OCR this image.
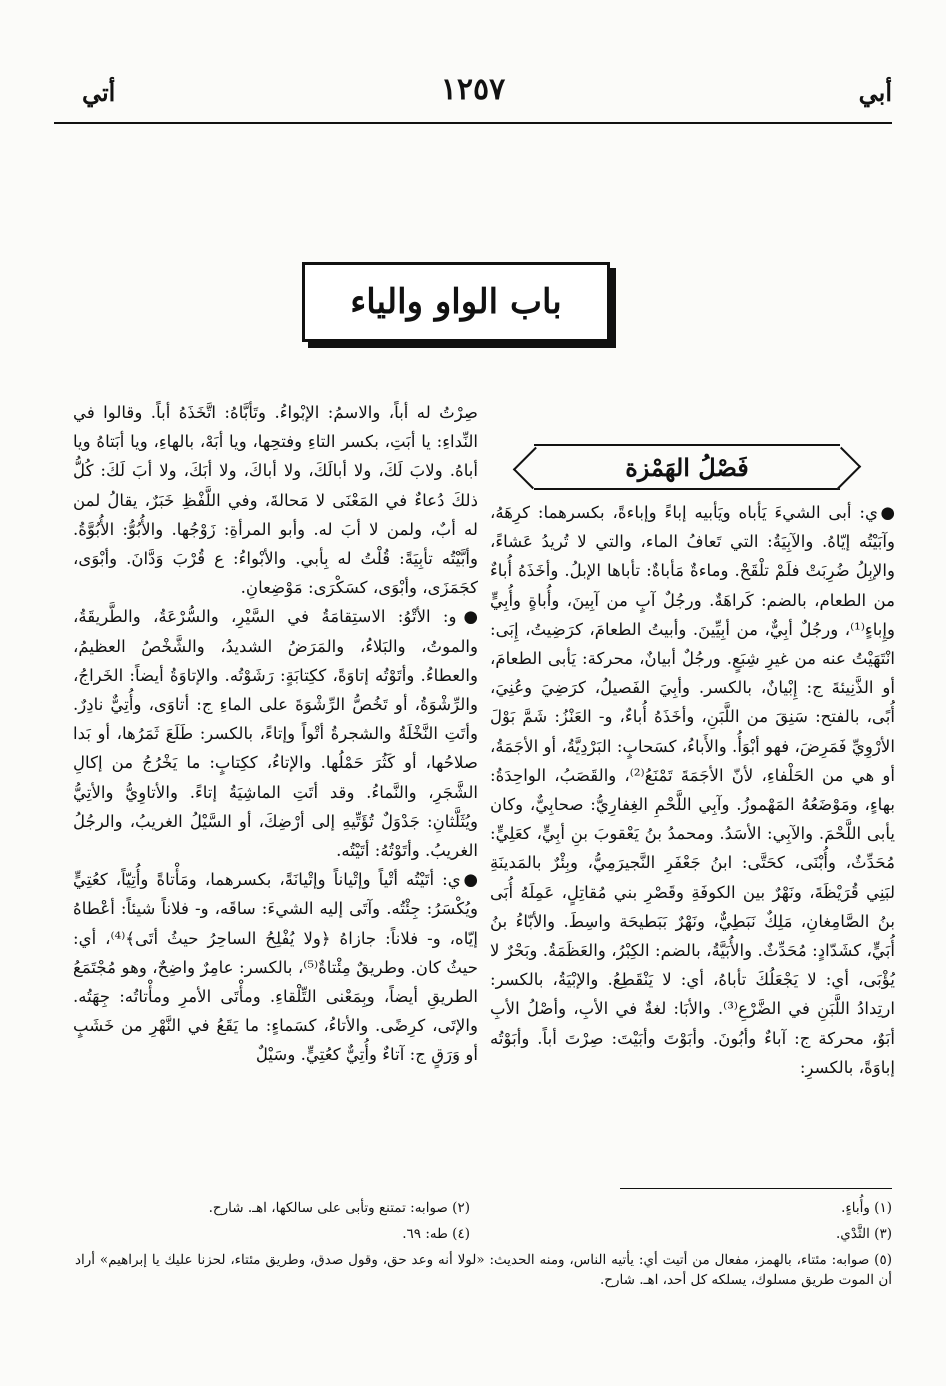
أتي	١٢٥٧	أبي
باب الواو والياء
فَصْلُ الهَمْزة

●ي: أبى الشيءَ يَأباه ويَأبيه إباءً وإباءةً، بكسرهما: كرِهَهُ، وآبَيْتُه إيّاهُ. والآبِيَةُ: التي تَعافُ الماء، والتي لا تُريدُ عَشاءً، والإبِلُ ضُرِبَتْ فلَمْ تلْقَحْ. وماءةٌ مَأباةٌ: تأباها الإبلُ. وأخَذَهُ أُباءٌ من الطعام، بالضم: كَراهَةٌ. ورجُلٌ آبٍ من آبِينَ، وأُباةٍ وأُبِيٍّ وإِباءٍ⁽¹⁾، ورجُلٌ أبِيٌّ، من أبِيِّينَ. وأبيتُ الطعامَ، كرَضِيتُ، إِبَى: انْتَهَيْتُ عنه من غيرِ شِبَعٍ. ورجُلٌ أبيانٌ، محركة: يَأبى الطعامَ، أو الذَّنِيئةَ ج: إِبْيانٌ، بالكسر. وأبِيَ الفَصيلُ، كرَضِيَ وعُنِيَ، أُبًى، بالفتح: سَنِقَ من اللَّبَنِ، وأخَذَهُ أُباءٌ، و- العَنْزُ: شَمَّ بَوْلَ الأرْوِيِّ فَمَرِضَ، فهو أبْوَأُ. والأَباءُ، كسَحابٍ: البَرْدِيَّةُ، أو الأجَمَةُ، أو هي من الحَلْفاءِ، لأنّ الأجَمَةَ تَمْنَعُ⁽²⁾، والقَصَبُ، الواحِدَةُ: بهاءٍ، ومَوْضَعُهُ المَهْموزُ. وآبِي اللَّحْمِ الغِفارِيُّ: صحابِيٌّ، وكان يأبى اللَّحْمَ. والآبِي: الأسَدُ. ومحمدُ بنُ يَعْقوبَ بنِ أبِيٍّ، كعَلِيٍّ: مُحَدِّثٌ، وأُبْنَى، كحَتَّى: ابنُ جَعْفَرِ النَّجيرَمِيُّ، وبِئْرٌ بالمَدينَةِ لبَنِي قُرَيْظَةَ، ونَهْرٌ بين الكوفَةِ وقَصْرِ بني مُقاتِلٍ، عَمِلَهُ أُبَى بنُ الصَّامِغانِ، مَلِكٌ نَبَطِيٌّ، ونَهْرٌ بَبَطيحَة واسِطَ. والأبّاءُ بنُ أُبَيٍّ، كشَدّادٍ: مُحَدِّثٌ. والأُبَيَّةُ، بالضم: الكِبْرُ، والعَظَمَةُ. وبَحْرٌ لا يُؤْبَى، أي: لا يَجْعَلُكَ تأباهُ، أي: لا يَنْقَطِعُ. والإبْيَةُ، بالكسر: ارتِدادُ اللَّبَنِ في الضَّرْعِ⁽³⁾. والأبَا: لغةٌ في الأبِ، وأصْلُ الأبِ أبَوٌ، محركة ج: آباءٌ وأبُونَ. وأبَوْتَ وأبَيْتَ: صِرْتَ أباً. وأبَوْتُه إباوَةً، بالكسرِ:

صِرْتُ له أباً، والاسمُ: الإبْواءُ. وتَأبَّاهُ: اتَّخَذَهُ أباً. وقالوا في النِّداءِ: يا أبَتِ، بكسر التاءِ وفتحِها، ويا أبَهْ، بالهاءِ، ويا أبَتاهُ ويا أباهُ. ولابَ لَكَ، ولا أبالَكَ، ولا أباكَ، ولا أبَكَ، ولا أبَ لَكَ: كُلُّ ذلكَ دُعاءٌ في المَعْنَى لا مَحالةَ، وفي اللَّفْظِ خَبَرٌ، يقالُ لمن له أبٌ، ولمن لا أبَ له. وأبو المرأةِ: زَوْجُها. والأُبُوُّ: الأُبُوَّةُ. وأبَّيْتُه تأبِيَةً: قُلْتُ له بِأبي. والأبْواءُ: ع قُرْبَ وَدَّانَ. وأبْوَى، كجَمَزَى، وأبْوَى، كسَكْرَى: مَوْضِعانِ.

●و: الأتْوُ: الاستِقامَةُ في السَّيْرِ، والسُّرْعَةُ، والطَّريقَةُ، والموتُ، والبَلاءُ، والمَرَضُ الشديدُ، والشَّخْصُ العظيمُ، والعطاءُ. وأتَوْتُه إتاوَةً، ككِتابَةٍ: رَشَوْتُه. والإتاوَةُ أيضاً: الخَراجُ، والرِّشْوَةُ، أو تَخُصُّ الرِّشْوَةَ على الماءِ ج: أتاوَى، وأُتِيٌّ نادِرٌ. وأتَتِ النَّخْلَةُ والشجرةُ أتْواً وإتاءً، بالكسر: طَلَعَ ثَمَرُها، أو بَدا صلاحُها، أو كَثُرَ حَمْلُها. والإتاءُ، ككِتابٍ: ما يَخْرُجُ من إكالِ الشَّجَرِ، والنَّماءُ. وقد أتَتِ الماشِيَةُ إتاءً. والأتاوِيُّ والأتِيُّ ويُثَلَّثانِ: جَدْوَلٌ تُؤَتِّيهِ إلى أرْضِكَ، أو السَّيْلُ الغريبُ، والرجُلُ الغريبُ. وأتَوْتُهُ: أتَيْتُه.

●ي: أتَيْتُه أتْياً وإتْياناً وإتْيانَةً، بكسرهما، ومَأْتاةً وأُتِيّاً، كعُتِيٍّ ويُكْسَرُ: جِئْتُه. وآتَى إليه الشيءَ: ساقَه، و- فلاناً شيئاً: أعْطاهُ إيّاه، و- فلاناً: جازاهُ ﴿ولا يُفْلِحُ الساحِرُ حيثُ أتَى﴾⁽⁴⁾، أي: حيثُ كان. وطريقٌ مِئْتاةٌ⁽⁵⁾، بالكسر: عامِرٌ واضِحٌ، وهو مُجْتَمَعُ الطريقِ أيضاً، وبِمَعْنى التِّلْقاءِ. ومأْتَى الأمرِ ومأْتاتُه: جِهَتُه. والإتَى، كرِضًى. والأتاءُ، كسَماءٍ: ما يَقَعُ في النَّهْرِ من خَشَبٍ أو وَرَقٍ ج: آتاءٌ وأُتِيٌّ كعُتِيٍّ. وسَيْلٌ

(١) وأُباءٍ.
(٢) صوابه: تمتنع وتأبى على سالكها، اهـ. شارح.
(٣) الثَّدْي.
(٤) طه: ٦٩.
(٥) صوابه: مئتاء، بالهمز، مفعال من أتيت أي: يأتيه الناس، ومنه الحديث: «لولا أنه وعد حق، وقول صدق، وطريق مئتاء، لحزنا عليك يا إبراهيم» أراد أن الموت طريق مسلوك، يسلكه كل أحد، اهـ. شارح.
